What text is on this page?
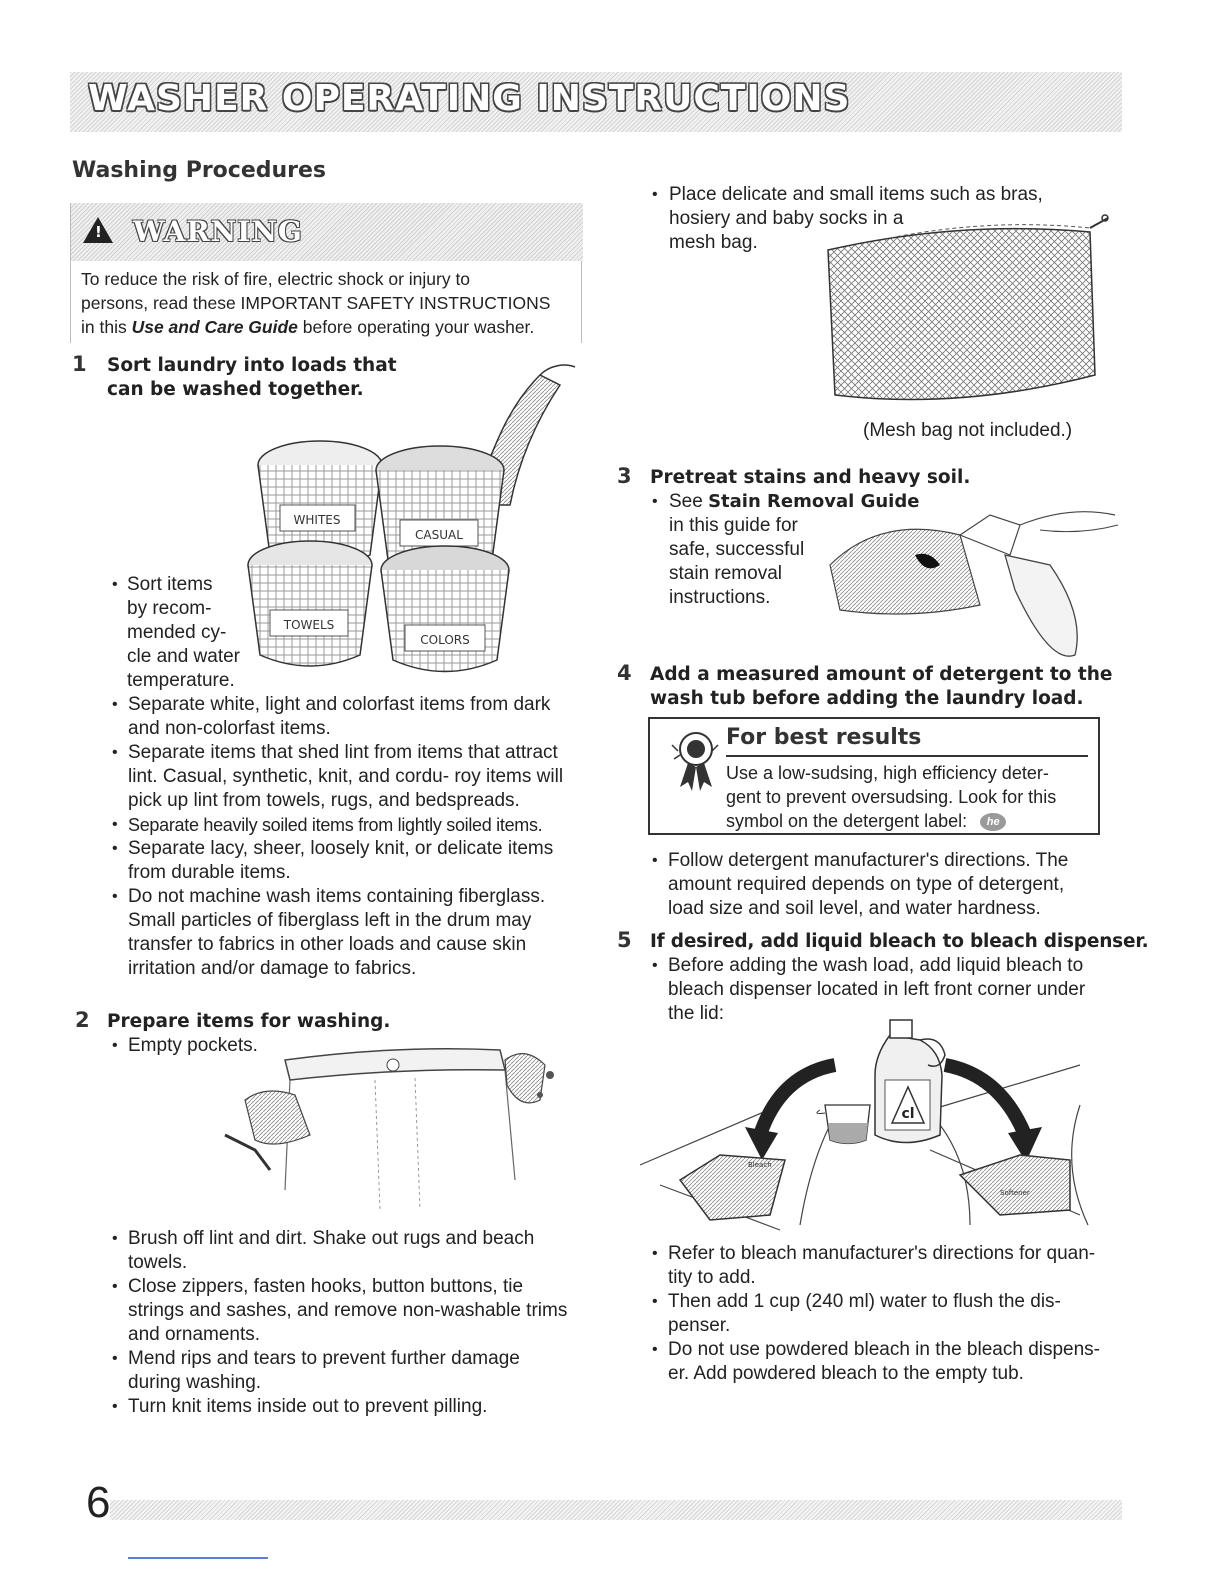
WASHER OPERATING INSTRUCTIONS
Washing Procedures
! WARNING
To reduce the risk of fire, electric shock or injury to
persons, read these IMPORTANT SAFETY INSTRUCTIONS
in this Use and Care Guide before operating your washer.
1 Sort laundry into loads that
can be washed together.
WHITES
CASUAL
TOWELS
COLORS
• Sort items
by recom-
mended cy-
cle and water
temperature.
• Separate white, light and colorfast items from dark and non-colorfast items.
• Separate items that shed lint from items that attract lint. Casual, synthetic, knit, and cordu- roy items will pick up lint from towels, rugs, and bedspreads.
• Separate heavily soiled items from lightly soiled items.
• Separate lacy, sheer, loosely knit, or delicate items from durable items.
• Do not machine wash items containing fiberglass. Small particles of fiberglass left in the drum may transfer to fabrics in other loads and cause skin irritation and/or damage to fabrics.
2 Prepare items for washing.
• Empty pockets.
• Brush off lint and dirt. Shake out rugs and beach towels.
• Close zippers, fasten hooks, button buttons, tie strings and sashes, and remove non-washable trims and ornaments.
• Mend rips and tears to prevent further damage during washing.
• Turn knit items inside out to prevent pilling.
• Place delicate and small items such as bras,
hosiery and baby socks in a
mesh bag.
(Mesh bag not included.)
3 Pretreat stains and heavy soil.
• See Stain Removal Guide
in this guide for
safe, successful
stain removal
instructions.
4 Add a measured amount of detergent to the
wash tub before adding the laundry load.
For best results
Use a low-sudsing, high efficiency deter-
gent to prevent oversudsing. Look for this
symbol on the detergent label: he
• Follow detergent manufacturer's directions. The amount required depends on type of detergent, load size and soil level, and water hardness.
5 If desired, add liquid bleach to bleach dispenser.
• Before adding the wash load, add liquid bleach to bleach dispenser located in left front corner under the lid:
cl
Bleach
Softener
• Refer to bleach manufacturer's directions for quan- tity to add.
• Then add 1 cup (240 ml) water to flush the dis- penser.
• Do not use powdered bleach in the bleach dispens- er. Add powdered bleach to the empty tub.
6
